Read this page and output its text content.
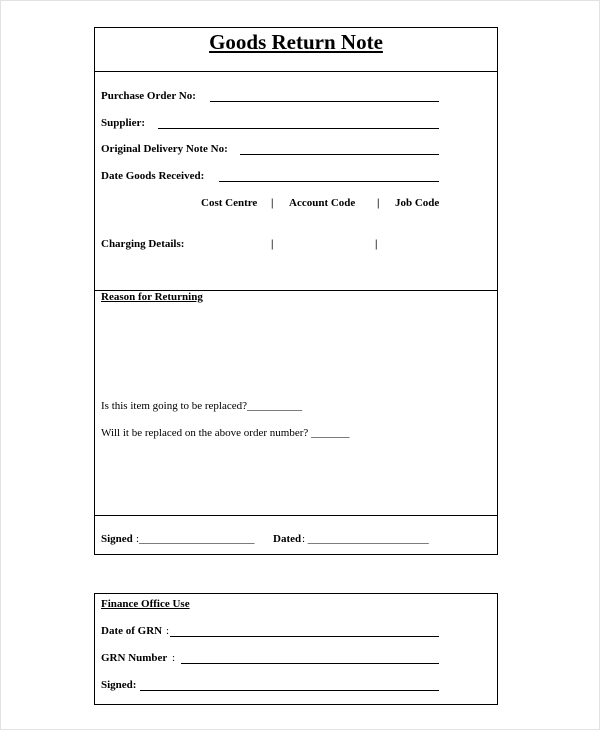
Goods Return Note
Purchase Order No:
Supplier:
Original Delivery Note No:
Date Goods Received:
Cost Centre | Account Code | Job Code
Charging Details:	|	|
Reason for Returning
Is this item going to be replaced?__________
Will it be replaced on the above order number? _______
Signed :_____________________ Dated : ______________________
Finance Office Use
Date of GRN :
GRN Number :
Signed:
